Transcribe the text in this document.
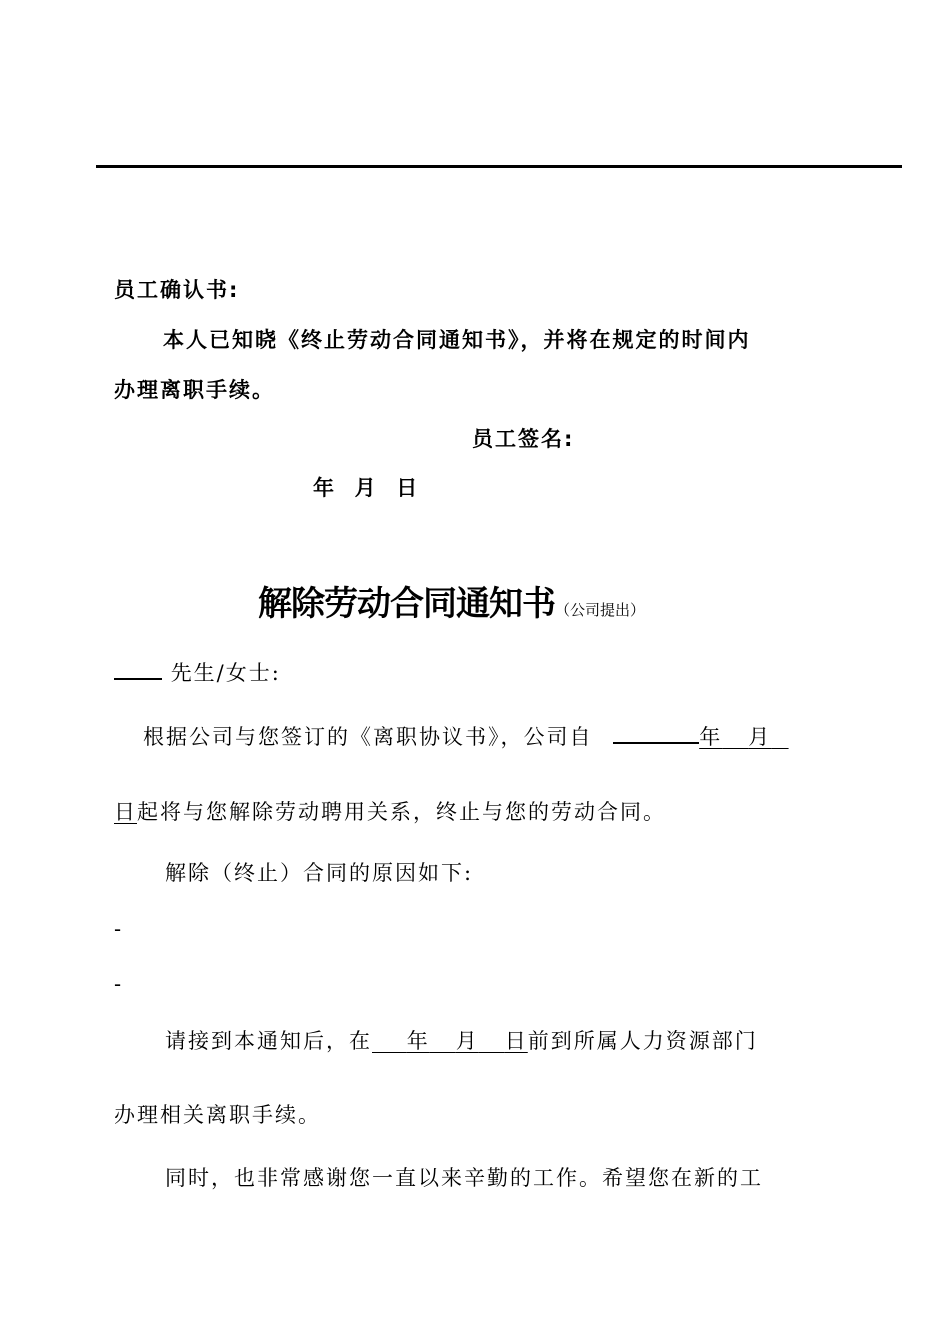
员工确认书:
本人已知晓《终止劳动合同通知书》，并将在规定的时间内
办理离职手续。
员工签名:
年  月  日
解除劳动合同通知书（公司提出）
先生/女士:
根据公司与您签订的《离职协议书》，公司自	年 月
日起将与您解除劳动聘用关系，终止与您的劳动合同。
解除（终止）合同的原因如下:
-
-
请接到本通知后，在 年 月 日前到所属人力资源部门
办理相关离职手续。
同时，也非常感谢您一直以来辛勤的工作。希望您在新的工
